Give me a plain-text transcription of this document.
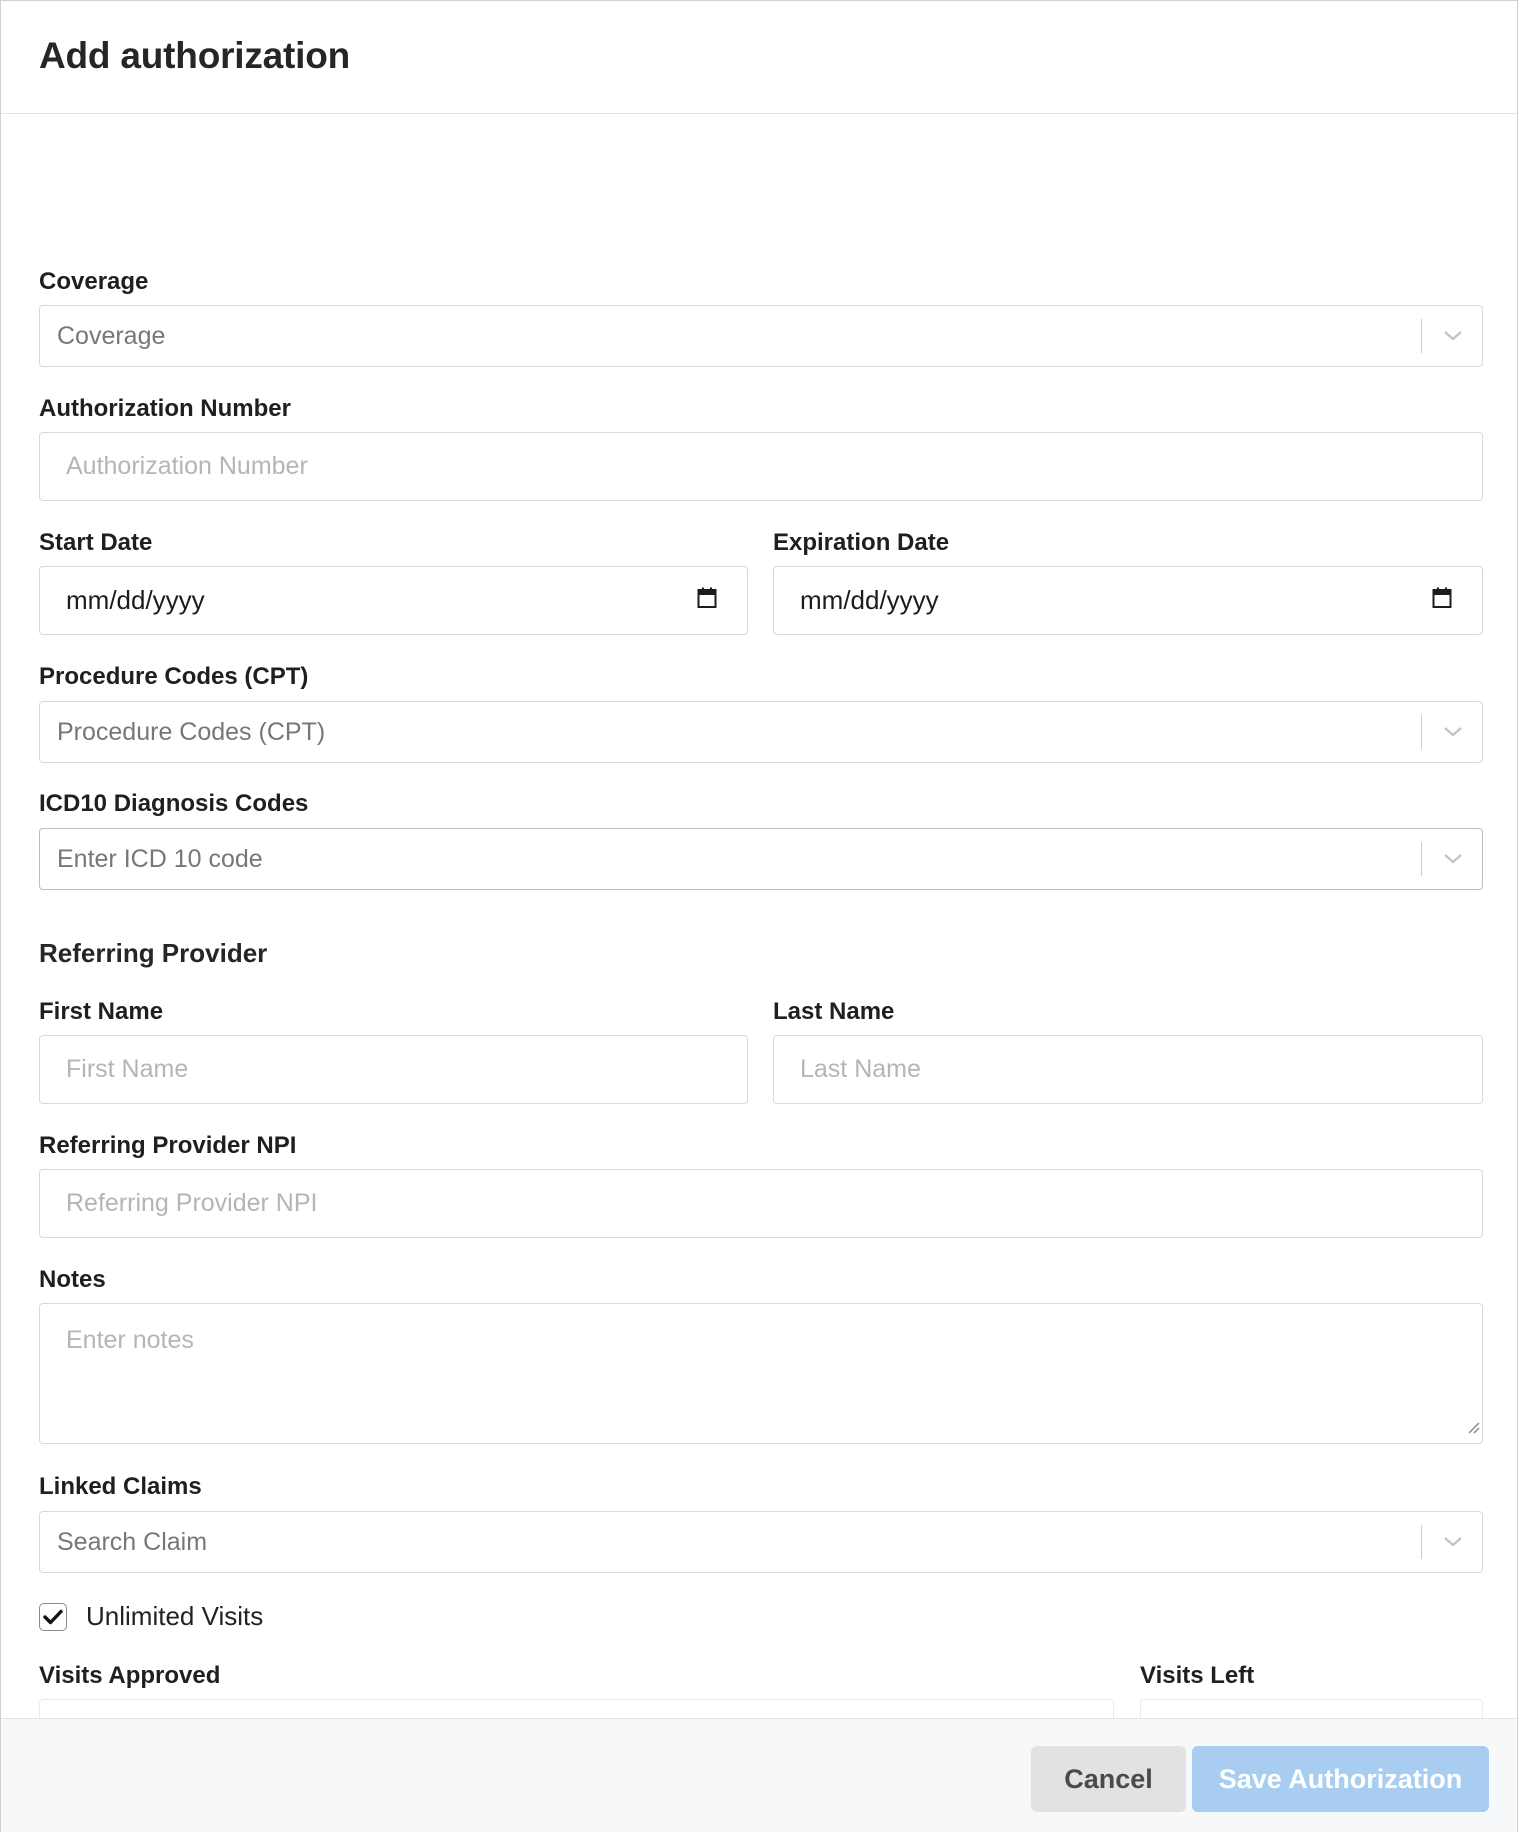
Add authorization
Coverage
Coverage
Authorization Number
Authorization Number
Start Date	Expiration Date
mm/dd/yyyy	mm/dd/yyyy
Procedure Codes (CPT)
Procedure Codes (CPT)
ICD10 Diagnosis Codes
Enter ICD 10 code
Referring Provider
First Name	Last Name
First Name	Last Name
Referring Provider NPI
Referring Provider NPI
Notes
Enter notes
Linked Claims
Search Claim
Unlimited Visits
Visits Approved	Visits Left
Cancel	Save Authorization
